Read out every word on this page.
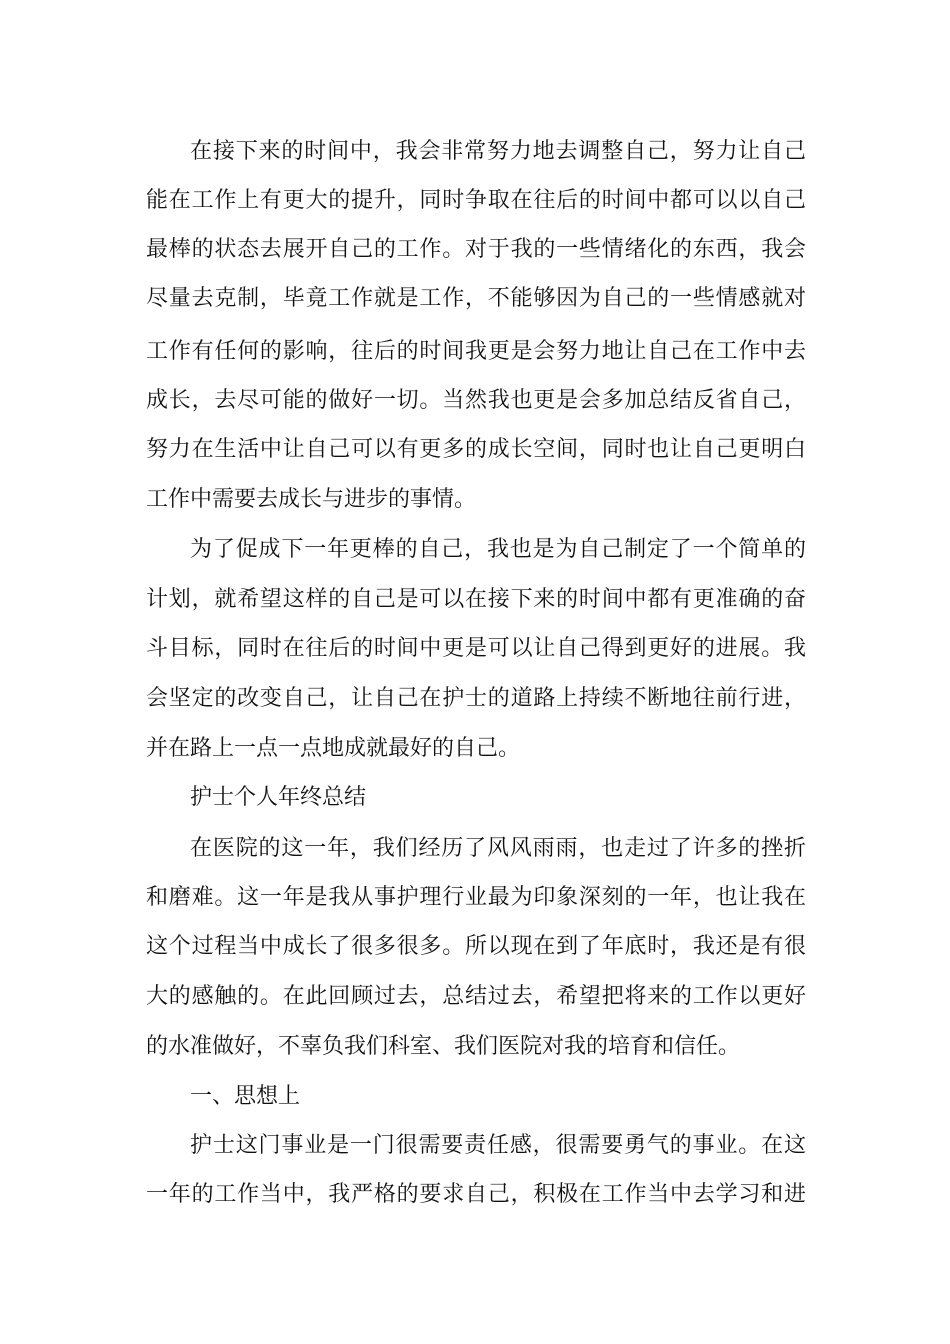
在接下来的时间中，我会非常努力地去调整自己，努力让自己
能在工作上有更大的提升，同时争取在往后的时间中都可以以自己
最棒的状态去展开自己的工作。对于我的一些情绪化的东西，我会
尽量去克制，毕竟工作就是工作，不能够因为自己的一些情感就对
工作有任何的影响，往后的时间我更是会努力地让自己在工作中去
成长，去尽可能的做好一切。当然我也更是会多加总结反省自己，
努力在生活中让自己可以有更多的成长空间，同时也让自己更明白
工作中需要去成长与进步的事情。
为了促成下一年更棒的自己，我也是为自己制定了一个简单的
计划，就希望这样的自己是可以在接下来的时间中都有更准确的奋
斗目标，同时在往后的时间中更是可以让自己得到更好的进展。我
会坚定的改变自己，让自己在护士的道路上持续不断地往前行进，
并在路上一点一点地成就最好的自己。
护士个人年终总结
在医院的这一年，我们经历了风风雨雨，也走过了许多的挫折
和磨难。这一年是我从事护理行业最为印象深刻的一年，也让我在
这个过程当中成长了很多很多。所以现在到了年底时，我还是有很
大的感触的。在此回顾过去，总结过去，希望把将来的工作以更好
的水准做好，不辜负我们科室、我们医院对我的培育和信任。
一、思想上
护士这门事业是一门很需要责任感，很需要勇气的事业。在这
一年的工作当中，我严格的要求自己，积极在工作当中去学习和进
